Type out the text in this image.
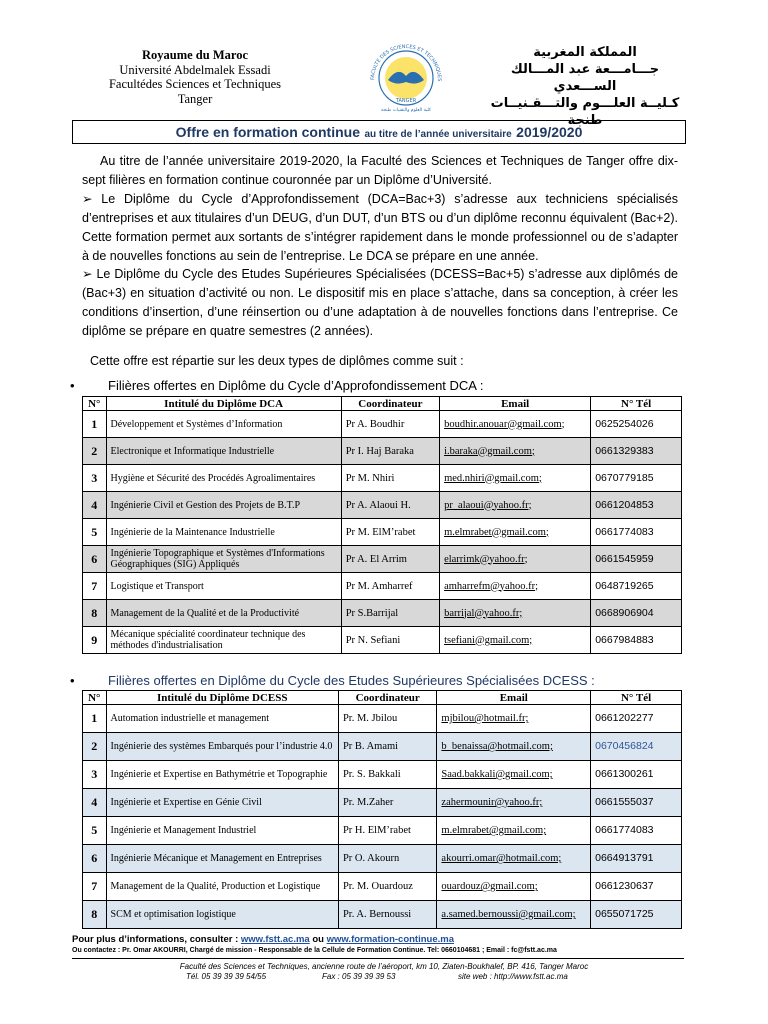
Royaume du Maroc
Université Abdelmalek Essadi
Facultédes Sciences et Techniques
Tanger
FACULTE DES SCIENCES ET TECHNIQUES
TANGER
كلية العلوم والتقنيات طنجة
المملكة المغربية
جـــامـــعة عبد المـــالك الســـعدي
كـليــة العلـــوم والتـــقـنيــات
طنجة
Offre en formation continue au titre de l’année universitaire 2019/2020
Au titre de l’année universitaire 2019-2020, la Faculté des Sciences et Techniques de Tanger offre dix-sept filières en formation continue couronnée par un Diplôme d’Université.
➢ Le Diplôme du Cycle d’Approfondissement (DCA=Bac+3) s’adresse aux techniciens spécialisés d’entreprises et aux titulaires d’un DEUG, d’un DUT, d’un BTS ou d’un diplôme reconnu équivalent (Bac+2). Cette formation permet aux sortants de s’intégrer rapidement dans le monde professionnel ou de s’adapter à de nouvelles fonctions au sein de l’entreprise. Le DCA se prépare en une année.
➢ Le Diplôme du Cycle des Etudes Supérieures Spécialisées (DCESS=Bac+5) s’adresse aux diplômés de (Bac+3) en situation d’activité ou non. Le dispositif mis en place s’attache, dans sa conception, à créer les conditions d’insertion, d’une réinsertion ou d’une adaptation à de nouvelles fonctions dans l’entreprise. Ce diplôme se prépare en quatre semestres (2 années).
Cette offre est répartie sur les deux types de diplômes comme suit :
•	Filières offertes en Diplôme du Cycle d’Approfondissement DCA :
N°	Intitulé du Diplôme DCA	Coordinateur	Email	N° Tél
1	Développement et Systèmes d’Information	Pr A. Boudhir	boudhir.anouar@gmail.com;	0625254026
2	Electronique et Informatique Industrielle	Pr I. Haj Baraka	i.baraka@gmail.com;	0661329383
3	Hygiène et Sécurité des Procédés Agroalimentaires	Pr M. Nhiri	med.nhiri@gmail.com;	0670779185
4	Ingénierie Civil et Gestion des Projets de B.T.P	Pr A. Alaoui H.	pr_alaoui@yahoo.fr;	0661204853
5	Ingénierie de la Maintenance Industrielle	Pr M. ElM’rabet	m.elmrabet@gmail.com;	0661774083
6	Ingénierie Topographique et Systèmes d'Informations Géographiques (SIG) Appliqués	Pr A. El Arrim	elarrimk@yahoo.fr;	0661545959
7	Logistique et Transport	Pr M. Amharref	amharrefm@yahoo.fr;	0648719265
8	Management de la Qualité et de la Productivité	Pr S.Barrijal	barrijal@yahoo.fr;	0668906904
9	Mécanique spécialité coordinateur technique des méthodes d'industrialisation	Pr N. Sefiani	tsefiani@gmail.com;	0667984883
•	Filières offertes en Diplôme du Cycle des Etudes Supérieures Spécialisées DCESS :
N°	Intitulé du Diplôme DCESS	Coordinateur	Email	N° Tél
1	Automation industrielle et management	Pr. M. Jbilou	mjbilou@hotmail.fr;	0661202277
2	Ingénierie des systèmes Embarqués pour l’industrie 4.0	Pr B. Amami	b_benaissa@hotmail.com;	0670456824
3	Ingénierie et Expertise en Bathymétrie et Topographie	Pr. S. Bakkali	Saad.bakkali@gmail.com;	0661300261
4	Ingénierie et Expertise en Génie Civil	Pr. M.Zaher	zahermounir@yahoo.fr;	0661555037
5	Ingénierie et Management Industriel	Pr H. ElM’rabet	m.elmrabet@gmail.com;	0661774083
6	Ingénierie Mécanique et Management en Entreprises	Pr O. Akourn	akourri.omar@hotmail.com;	0664913791
7	Management de la Qualité, Production et Logistique	Pr. M. Ouardouz	ouardouz@gmail.com;	0661230637
8	SCM et optimisation logistique	Pr. A. Bernoussi	a.samed.bernoussi@gmail.com;	0655071725
Pour plus d’informations, consulter : www.fstt.ac.ma ou www.formation-continue.ma
Ou contactez : Pr. Omar AKOURRI, Chargé de mission - Responsable de la Cellule de Formation Continue. Tel: 0660104681 ; Email : fc@fstt.ac.ma
Faculté des Sciences et Techniques, ancienne route de l’aéroport, km 10, Ziaten-Boukhalef, BP. 416, Tanger Maroc
Tél. 05 39 39 39 54/55	Fax : 05 39 39 39 53	site web : http://www.fstt.ac.ma
